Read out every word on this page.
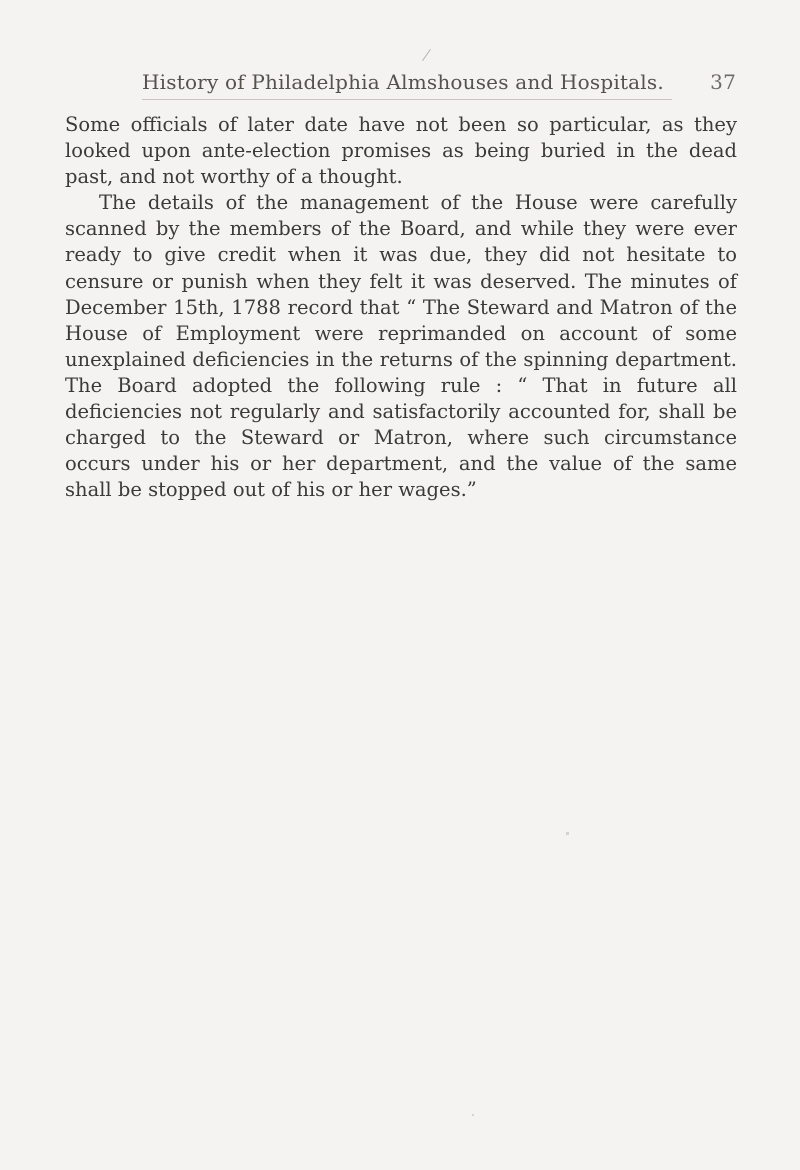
History of Philadelphia Almshouses and Hospitals. 37

Some officials of later date have not been so particular, as they looked upon ante-election promises as being buried in the dead past, and not worthy of a thought.

The details of the management of the House were carefully scanned by the members of the Board, and while they were ever ready to give credit when it was due, they did not hesitate to censure or punish when they felt it was deserved. The minutes of December 15th, 1788 record that “ The Steward and Matron of the House of Employment were reprimanded on account of some unexplained deficiencies in the returns of the spinning department. The Board adopted the following rule : “ That in future all deficiencies not regularly and satisfactorily accounted for, shall be charged to the Steward or Matron, where such circumstance occurs under his or her department, and the value of the same shall be stopped out of his or her wages.”
